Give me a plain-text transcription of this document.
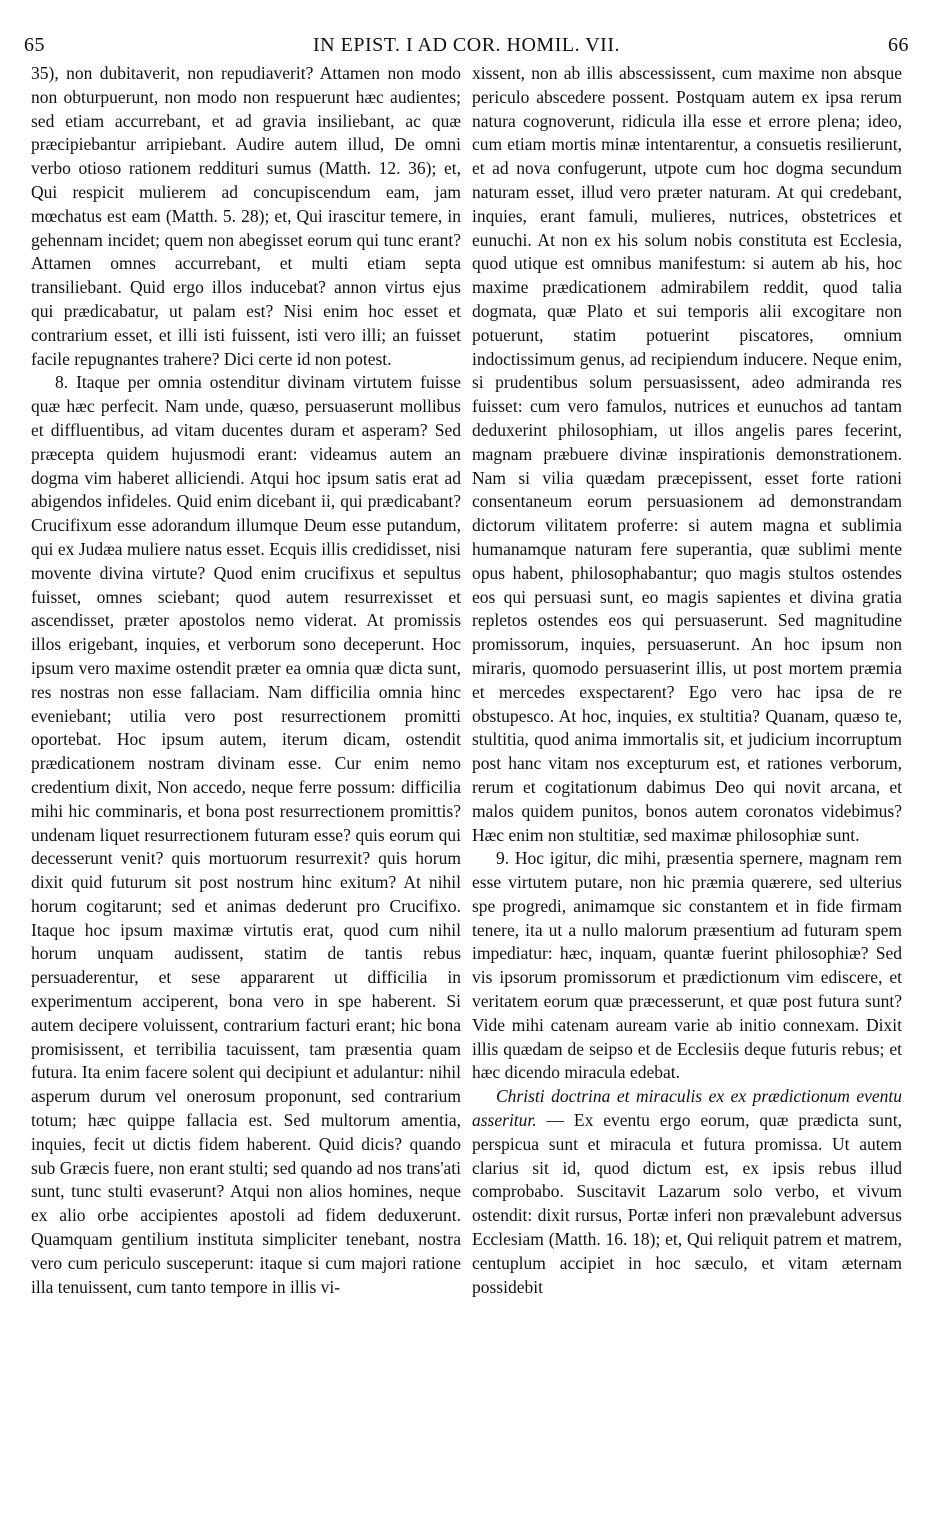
65	IN EPIST. I AD COR. HOMIL. VII.	66

35), non dubitaverit, non repudiaverit? Attamen non modo non obturpuerunt, non modo non respuerunt hæc audientes; sed etiam accurrebant, et ad gravia insiliebant, ac quæ præcipiebantur arripiebant. Audire autem illud, De omni verbo otioso rationem reddituri sumus (Matth. 12. 36); et, Qui respicit mulierem ad concupiscendum eam, jam mœchatus est eam (Matth. 5. 28); et, Qui irascitur temere, in gehennam incidet; quem non abegisset eorum qui tunc erant? Attamen omnes accurrebant, et multi etiam septa transiliebant. Quid ergo illos inducebat? annon virtus ejus qui prædicabatur, ut palam est? Nisi enim hoc esset et contrarium esset, et illi isti fuissent, isti vero illi; an fuisset facile repugnantes trahere? Dici certe id non potest.

8. Itaque per omnia ostenditur divinam virtutem fuisse quæ hæc perfecit. Nam unde, quæso, persuaserunt mollibus et diffluentibus, ad vitam ducentes duram et asperam? Sed præcepta quidem hujusmodi erant: videamus autem an dogma vim haberet alliciendi. Atqui hoc ipsum satis erat ad abigendos infideles. Quid enim dicebant ii, qui prædicabant? Crucifixum esse adorandum illumque Deum esse putandum, qui ex Judæa muliere natus esset. Ecquis illis credidisset, nisi movente divina virtute? Quod enim crucifixus et sepultus fuisset, omnes sciebant; quod autem resurrexisset et ascendisset, præter apostolos nemo viderat. At promissis illos erigebant, inquies, et verborum sono deceperunt. Hoc ipsum vero maxime ostendit præter ea omnia quæ dicta sunt, res nostras non esse fallaciam. Nam difficilia omnia hinc eveniebant; utilia vero post resurrectionem promitti oportebat. Hoc ipsum autem, iterum dicam, ostendit prædicationem nostram divinam esse. Cur enim nemo credentium dixit, Non accedo, neque ferre possum: difficilia mihi hic comminaris, et bona post resurrectionem promittis? undenam liquet resurrectionem futuram esse? quis eorum qui decesserunt venit? quis mortuorum resurrexit? quis horum dixit quid futurum sit post nostrum hinc exitum? At nihil horum cogitarunt; sed et animas dederunt pro Crucifixo. Itaque hoc ipsum maximæ virtutis erat, quod cum nihil horum unquam audissent, statim de tantis rebus persuaderentur, et sese appararent ut difficilia in experimentum acciperent, bona vero in spe haberent. Si autem decipere voluissent, contrarium facturi erant; hic bona promisissent, et terribilia tacuissent, tam præsentia quam futura. Ita enim facere solent qui decipiunt et adulantur: nihil asperum durum vel onerosum proponunt, sed contrarium totum; hæc quippe fallacia est. Sed multorum amentia, inquies, fecit ut dictis fidem haberent. Quid dicis? quando sub Græcis fuere, non erant stulti; sed quando ad nos trans'ati sunt, tunc stulti evaserunt? Atqui non alios homines, neque ex alio orbe accipientes apostoli ad fidem deduxerunt. Quamquam gentilium instituta simpliciter tenebant, nostra vero cum periculo susceperunt: itaque si cum majori ratione illa tenuissent, cum tanto tempore in illis vi-

xissent, non ab illis abscessissent, cum maxime non absque periculo abscedere possent. Postquam autem ex ipsa rerum natura cognoverunt, ridicula illa esse et errore plena; ideo, cum etiam mortis minæ intentarentur, a consuetis resilierunt, et ad nova confugerunt, utpote cum hoc dogma secundum naturam esset, illud vero præter naturam. At qui credebant, inquies, erant famuli, mulieres, nutrices, obstetrices et eunuchi. At non ex his solum nobis constituta est Ecclesia, quod utique est omnibus manifestum: si autem ab his, hoc maxime prædicationem admirabilem reddit, quod talia dogmata, quæ Plato et sui temporis alii excogitare non potuerunt, statim potuerint piscatores, omnium indoctissimum genus, ad recipiendum inducere. Neque enim, si prudentibus solum persuasissent, adeo admiranda res fuisset: cum vero famulos, nutrices et eunuchos ad tantam deduxerint philosophiam, ut illos angelis pares fecerint, magnam præbuere divinæ inspirationis demonstrationem. Nam si vilia quædam præcepissent, esset forte rationi consentaneum eorum persuasionem ad demonstrandam dictorum vilitatem proferre: si autem magna et sublimia humanamque naturam fere superantia, quæ sublimi mente opus habent, philosophabantur; quo magis stultos ostendes eos qui persuasi sunt, eo magis sapientes et divina gratia repletos ostendes eos qui persuaserunt. Sed magnitudine promissorum, inquies, persuaserunt. An hoc ipsum non miraris, quomodo persuaserint illis, ut post mortem præmia et mercedes exspectarent? Ego vero hac ipsa de re obstupesco. At hoc, inquies, ex stultitia? Quanam, quæso te, stultitia, quod anima immortalis sit, et judicium incorruptum post hanc vitam nos excepturum est, et rationes verborum, rerum et cogitationum dabimus Deo qui novit arcana, et malos quidem punitos, bonos autem coronatos videbimus? Hæc enim non stultitiæ, sed maximæ philosophiæ sunt.

9. Hoc igitur, dic mihi, præsentia spernere, magnam rem esse virtutem putare, non hic præmia quærere, sed ulterius spe progredi, animamque sic constantem et in fide firmam tenere, ita ut a nullo malorum præsentium ad futuram spem impediatur: hæc, inquam, quantæ fuerint philosophiæ? Sed vis ipsorum promissorum et prædictionum vim ediscere, et veritatem eorum quæ præcesserunt, et quæ post futura sunt? Vide mihi catenam auream varie ab initio connexam. Dixit illis quædam de seipso et de Ecclesiis deque futuris rebus; et hæc dicendo miracula edebat.

Christi doctrina et miraculis ex ex prædictionum eventu asseritur. — Ex eventu ergo eorum, quæ prædicta sunt, perspicua sunt et miracula et futura promissa. Ut autem clarius sit id, quod dictum est, ex ipsis rebus illud comprobabo. Suscitavit Lazarum solo verbo, et vivum ostendit: dixit rursus, Portæ inferi non prævalebunt adversus Ecclesiam (Matth. 16. 18); et, Qui reliquit patrem et matrem, centuplum accipiet in hoc sæculo, et vitam æternam possidebit
